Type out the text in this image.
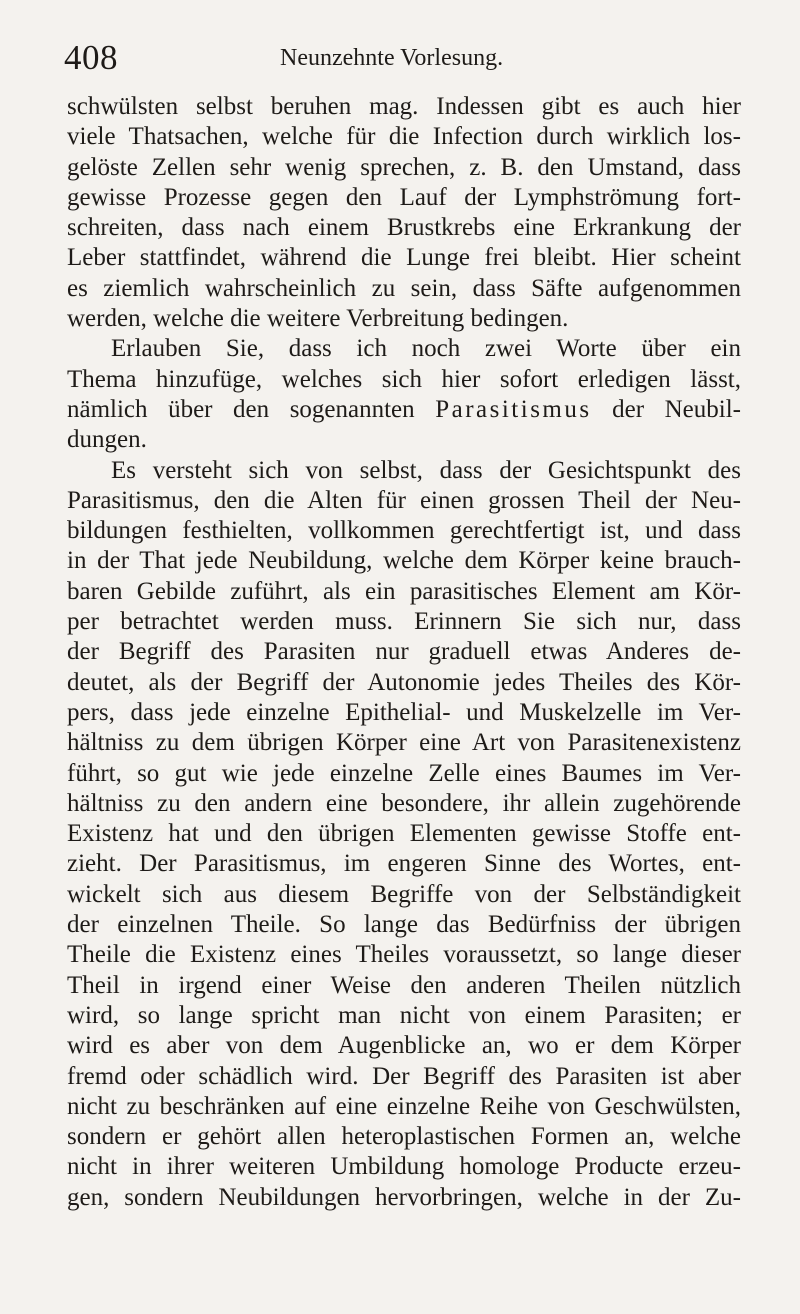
408	Neunzehnte Vorlesung.
schwülsten selbst beruhen mag. Indessen gibt es auch hier
viele Thatsachen, welche für die Infection durch wirklich los-
gelöste Zellen sehr wenig sprechen, z. B. den Umstand, dass
gewisse Prozesse gegen den Lauf der Lymphströmung fort-
schreiten, dass nach einem Brustkrebs eine Erkrankung der
Leber stattfindet, während die Lunge frei bleibt. Hier scheint
es ziemlich wahrscheinlich zu sein, dass Säfte aufgenommen
werden, welche die weitere Verbreitung bedingen.
Erlauben Sie, dass ich noch zwei Worte über ein
Thema hinzufüge, welches sich hier sofort erledigen lässt,
nämlich über den sogenannten Parasitismus der Neubil-
dungen.
Es versteht sich von selbst, dass der Gesichtspunkt des
Parasitismus, den die Alten für einen grossen Theil der Neu-
bildungen festhielten, vollkommen gerechtfertigt ist, und dass
in der That jede Neubildung, welche dem Körper keine brauch-
baren Gebilde zuführt, als ein parasitisches Element am Kör-
per betrachtet werden muss. Erinnern Sie sich nur, dass
der Begriff des Parasiten nur graduell etwas Anderes de-
deutet, als der Begriff der Autonomie jedes Theiles des Kör-
pers, dass jede einzelne Epithelial- und Muskelzelle im Ver-
hältniss zu dem übrigen Körper eine Art von Parasitenexistenz
führt, so gut wie jede einzelne Zelle eines Baumes im Ver-
hältniss zu den andern eine besondere, ihr allein zugehörende
Existenz hat und den übrigen Elementen gewisse Stoffe ent-
zieht. Der Parasitismus, im engeren Sinne des Wortes, ent-
wickelt sich aus diesem Begriffe von der Selbständigkeit
der einzelnen Theile. So lange das Bedürfniss der übrigen
Theile die Existenz eines Theiles voraussetzt, so lange dieser
Theil in irgend einer Weise den anderen Theilen nützlich
wird, so lange spricht man nicht von einem Parasiten; er
wird es aber von dem Augenblicke an, wo er dem Körper
fremd oder schädlich wird. Der Begriff des Parasiten ist aber
nicht zu beschränken auf eine einzelne Reihe von Geschwülsten,
sondern er gehört allen heteroplastischen Formen an, welche
nicht in ihrer weiteren Umbildung homologe Producte erzeu-
gen, sondern Neubildungen hervorbringen, welche in der Zu-
